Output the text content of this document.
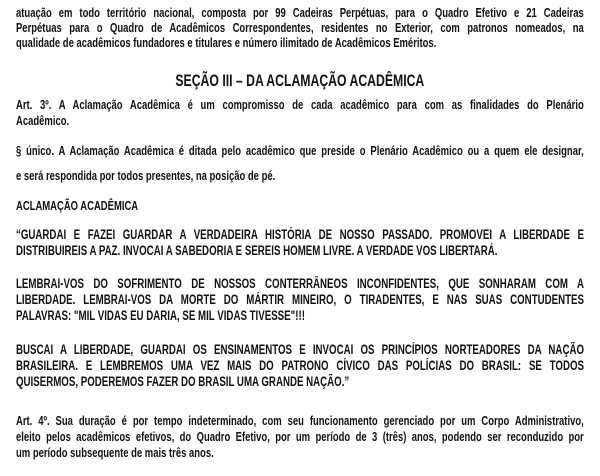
SEÇÃO III – DA ACLAMAÇÃO ACADÊMICA
ACLAMAÇÃO ACADÊMICA
atuação em todo território nacional, composta por 99 Cadeiras Perpétuas, para o Quadro Efetivo e 21 Cadeiras
Perpétuas para o Quadro de Acadêmicos Correspondentes, residentes no Exterior, com patronos nomeados, na
qualidade de acadêmicos fundadores e titulares e número ilimitado de Acadêmicos Eméritos.
Art. 3º. A Aclamação Acadêmica é um compromisso de cada acadêmico para com as finalidades do Plenário
Acadêmico.
§ único. A Aclamação Acadêmica é ditada pelo acadêmico que preside o Plenário Acadêmico ou a quem ele designar,
e será respondida por todos presentes, na posição de pé.
“GUARDAI E FAZEI GUARDAR A VERDADEIRA HISTÓRIA DE NOSSO PASSADO. PROMOVEI A LIBERDADE E
DISTRIBUIREIS A PAZ. INVOCAI A SABEDORIA E SEREIS HOMEM LIVRE. A VERDADE VOS LIBERTARÁ.
LEMBRAI-VOS DO SOFRIMENTO DE NOSSOS CONTERRÂNEOS INCONFIDENTES, QUE SONHARAM COM A
LIBERDADE. LEMBRAI-VOS DA MORTE DO MÁRTIR MINEIRO, O TIRADENTES, E NAS SUAS CONTUDENTES
PALAVRAS: "MIL VIDAS EU DARIA, SE MIL VIDAS TIVESSE"!!!
BUSCAI A LIBERDADE, GUARDAI OS ENSINAMENTOS E INVOCAI OS PRINCÍPIOS NORTEADORES DA NAÇÃO
BRASILEIRA. E LEMBREMOS UMA VEZ MAIS DO PATRONO CÍVICO DAS POLÍCIAS DO BRASIL: SE TODOS
QUISERMOS, PODEREMOS FAZER DO BRASIL UMA GRANDE NAÇÃO.”
Art. 4º. Sua duração é por tempo indeterminado, com seu funcionamento gerenciado por um Corpo Administrativo,
eleito pelos acadêmicos efetivos, do Quadro Efetivo, por um período de 3 (três) anos, podendo ser reconduzido por
um período subsequente de mais três anos.
